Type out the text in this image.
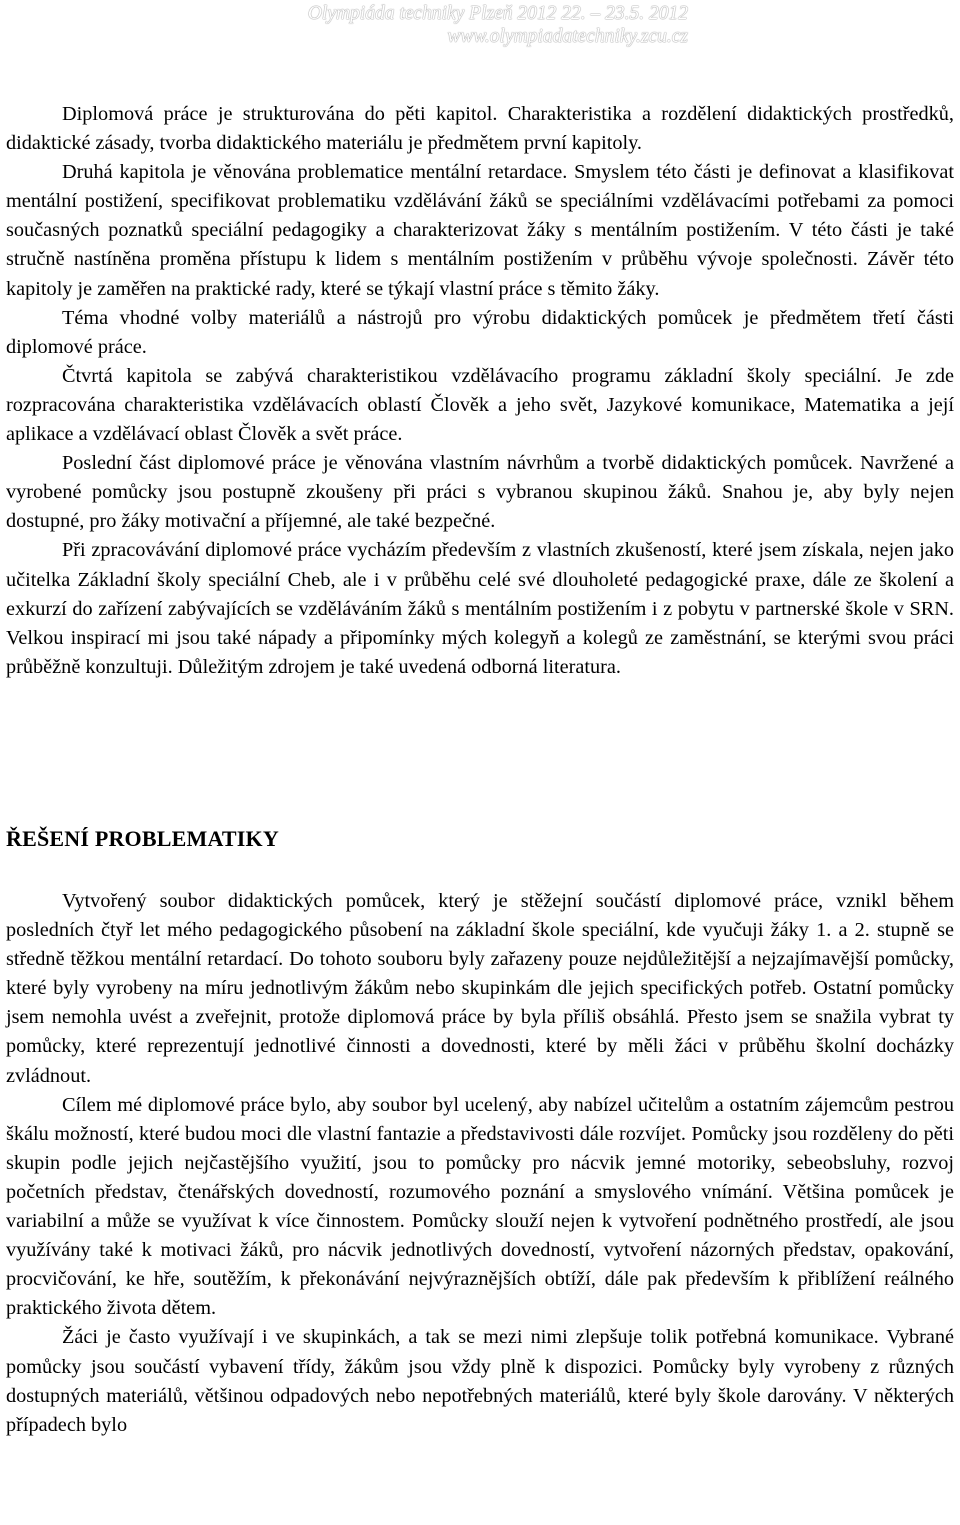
Olympiáda techniky Plzeň 2012 22. – 23.5. 2012
www.olympiadatechniky.zcu.cz

Diplomová práce je strukturována do pěti kapitol. Charakteristika a rozdělení didaktických prostředků, didaktické zásady, tvorba didaktického materiálu je předmětem první kapitoly.

Druhá kapitola je věnována problematice mentální retardace. Smyslem této části je definovat a klasifikovat mentální postižení, specifikovat problematiku vzdělávání žáků se speciálními vzdělávacími potřebami za pomoci současných poznatků speciální pedagogiky a charakterizovat žáky s mentálním postižením. V této části je také stručně nastíněna proměna přístupu k lidem s mentálním postižením v průběhu vývoje společnosti. Závěr této kapitoly je zaměřen na praktické rady, které se týkají vlastní práce s těmito žáky.

Téma vhodné volby materiálů a nástrojů pro výrobu didaktických pomůcek je předmětem třetí části diplomové práce.

Čtvrtá kapitola se zabývá charakteristikou vzdělávacího programu základní školy speciální. Je zde rozpracována charakteristika vzdělávacích oblastí Člověk a jeho svět, Jazykové komunikace, Matematika a její aplikace a vzdělávací oblast Člověk a svět práce.

Poslední část diplomové práce je věnována vlastním návrhům a tvorbě didaktických pomůcek. Navržené a vyrobené pomůcky jsou postupně zkoušeny při práci s vybranou skupinou žáků. Snahou je, aby byly nejen dostupné, pro žáky motivační a příjemné, ale také bezpečné.

Při zpracovávání diplomové práce vycházím především z vlastních zkušeností, které jsem získala, nejen jako učitelka Základní školy speciální Cheb, ale i v průběhu celé své dlouholeté pedagogické praxe, dále ze školení a exkurzí do zařízení zabývajících se vzděláváním žáků s mentálním postižením i z pobytu v partnerské škole v SRN. Velkou inspirací mi jsou také nápady a připomínky mých kolegyň a kolegů ze zaměstnání, se kterými svou práci průběžně konzultuji. Důležitým zdrojem je také uvedená odborná literatura.

ŘEŠENÍ PROBLEMATIKY

Vytvořený soubor didaktických pomůcek, který je stěžejní součástí diplomové práce, vznikl během posledních čtyř let mého pedagogického působení na základní škole speciální, kde vyučuji žáky 1. a 2. stupně se středně těžkou mentální retardací. Do tohoto souboru byly zařazeny pouze nejdůležitější a nejzajímavější pomůcky, které byly vyrobeny na míru jednotlivým žákům nebo skupinkám dle jejich specifických potřeb. Ostatní pomůcky jsem nemohla uvést a zveřejnit, protože diplomová práce by byla příliš obsáhlá. Přesto jsem se snažila vybrat ty pomůcky, které reprezentují jednotlivé činnosti a dovednosti, které by měli žáci v průběhu školní docházky zvládnout.

Cílem mé diplomové práce bylo, aby soubor byl ucelený, aby nabízel učitelům a ostatním zájemcům pestrou škálu možností, které budou moci dle vlastní fantazie a představivosti dále rozvíjet. Pomůcky jsou rozděleny do pěti skupin podle jejich nejčastějšího využití, jsou to pomůcky pro nácvik jemné motoriky, sebeobsluhy, rozvoj početních představ, čtenářských dovedností, rozumového poznání a smyslového vnímání. Většina pomůcek je variabilní a může se využívat k více činnostem. Pomůcky slouží nejen k vytvoření podnětného prostředí, ale jsou využívány také k motivaci žáků, pro nácvik jednotlivých dovedností, vytvoření názorných představ, opakování, procvičování, ke hře, soutěžím, k překonávání nejvýraznějších obtíží, dále pak především k přiblížení reálného praktického života dětem.

Žáci je často využívají i ve skupinkách, a tak se mezi nimi zlepšuje tolik potřebná komunikace. Vybrané pomůcky jsou součástí vybavení třídy, žákům jsou vždy plně k dispozici. Pomůcky byly vyrobeny z různých dostupných materiálů, většinou odpadových nebo nepotřebných materiálů, které byly škole darovány. V některých případech bylo
